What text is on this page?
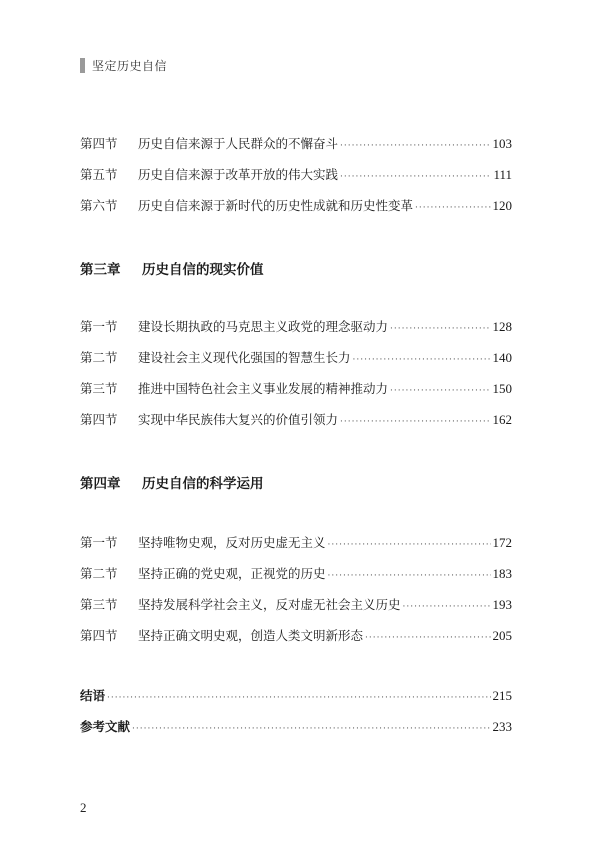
坚定历史自信
第四节	历史自信来源于人民群众的不懈奋斗 ·····	103
第五节	历史自信来源于改革开放的伟大实践 ·····	111
第六节	历史自信来源于新时代的历史性成就和历史性变革 ·····	120
第三章	历史自信的现实价值
第一节	建设长期执政的马克思主义政党的理念驱动力 ·····	128
第二节	建设社会主义现代化强国的智慧生长力 ·····	140
第三节	推进中国特色社会主义事业发展的精神推动力 ·····	150
第四节	实现中华民族伟大复兴的价值引领力 ·····	162
第四章	历史自信的科学运用
第一节	坚持唯物史观，反对历史虚无主义 ·····	172
第二节	坚持正确的党史观，正视党的历史 ·····	183
第三节	坚持发展科学社会主义，反对虚无社会主义历史 ·····	193
第四节	坚持正确文明史观，创造人类文明新形态 ·····	205
结语 ·····	215
参考文献 ·····	233
2
